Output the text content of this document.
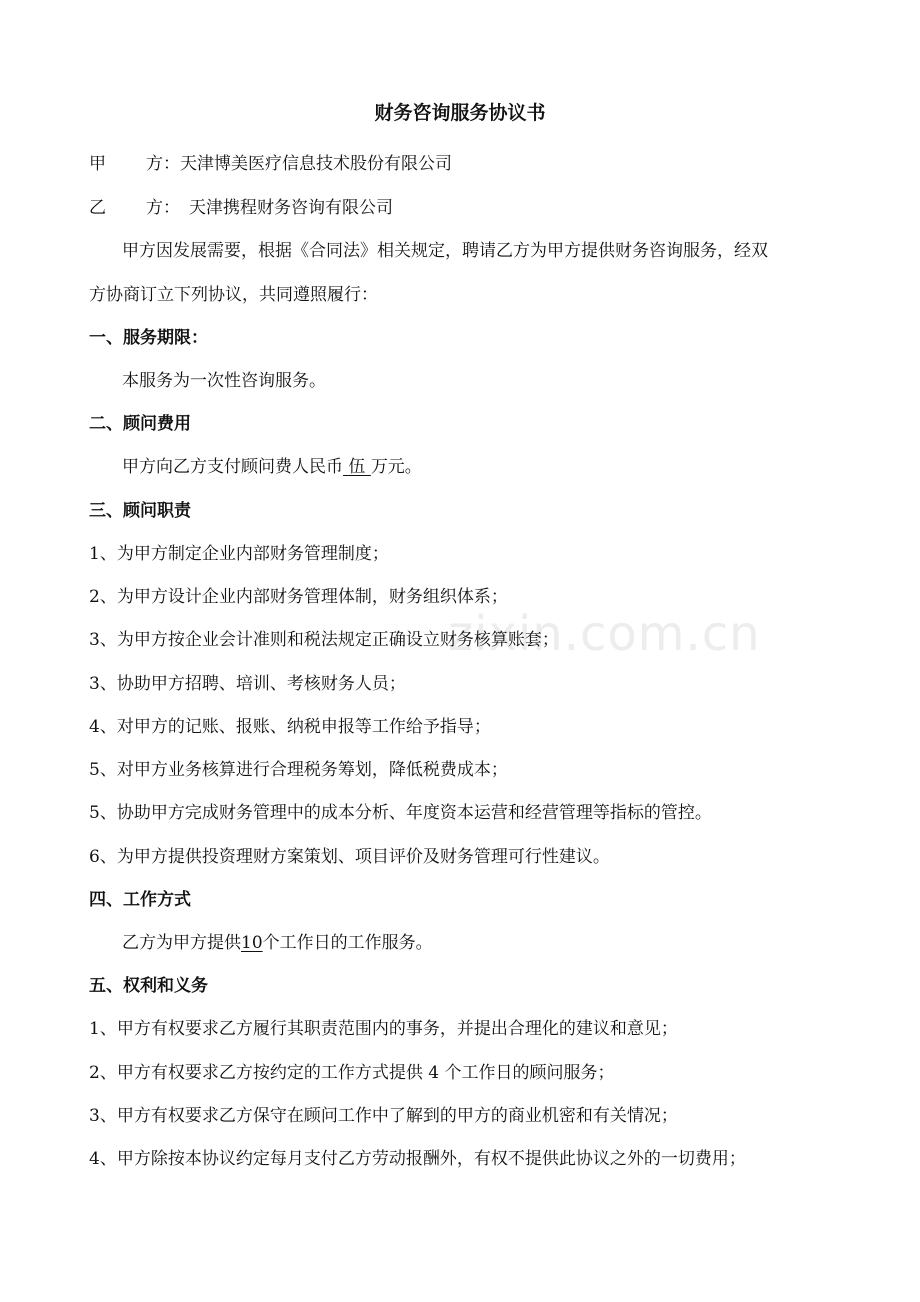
zixin.com.cn
财务咨询服务协议书
甲 方： 天津博美医疗信息技术股份有限公司
乙 方： 天津携程财务咨询有限公司
甲方因发展需要，根据《合同法》相关规定，聘请乙方为甲方提供财务咨询服务，经双
方协商订立下列协议，共同遵照履行：
一、服务期限：
本服务为一次性咨询服务。
二、顾问费用
甲方向乙方支付顾问费人民币 伍 万元。
三、顾问职责
1、为甲方制定企业内部财务管理制度；
2、为甲方设计企业内部财务管理体制，财务组织体系；
3、为甲方按企业会计准则和税法规定正确设立财务核算账套；
3、协助甲方招聘、培训、考核财务人员；
4、对甲方的记账、报账、纳税申报等工作给予指导；
5、对甲方业务核算进行合理税务筹划，降低税费成本；
5、协助甲方完成财务管理中的成本分析、年度资本运营和经营管理等指标的管控。
6、为甲方提供投资理财方案策划、项目评价及财务管理可行性建议。
四、工作方式
乙方为甲方提供10个工作日的工作服务。
五、权利和义务
1、甲方有权要求乙方履行其职责范围内的事务，并提出合理化的建议和意见；
2、甲方有权要求乙方按约定的工作方式提供 4 个工作日的顾问服务；
3、甲方有权要求乙方保守在顾问工作中了解到的甲方的商业机密和有关情况；
4、甲方除按本协议约定每月支付乙方劳动报酬外，有权不提供此协议之外的一切费用；
